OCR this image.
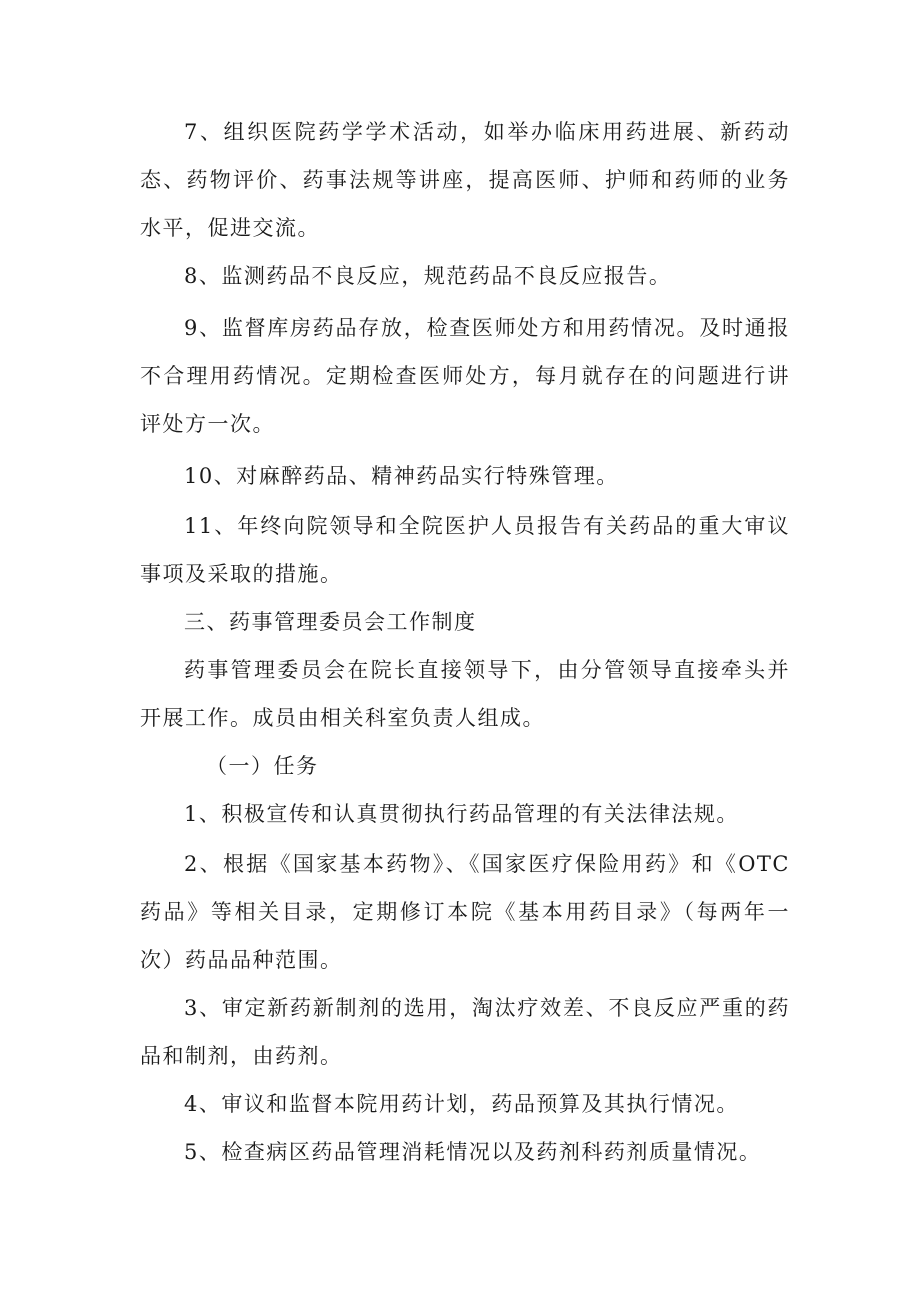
7、组织医院药学学术活动，如举办临床用药进展、新药动态、药物评价、药事法规等讲座，提高医师、护师和药师的业务水平，促进交流。

8、监测药品不良反应，规范药品不良反应报告。

9、监督库房药品存放，检查医师处方和用药情况。及时通报不合理用药情况。定期检查医师处方，每月就存在的问题进行讲评处方一次。

10、对麻醉药品、精神药品实行特殊管理。

11、年终向院领导和全院医护人员报告有关药品的重大审议事项及采取的措施。

三、药事管理委员会工作制度

药事管理委员会在院长直接领导下，由分管领导直接牵头并开展工作。成员由相关科室负责人组成。

（一）任务

1、积极宣传和认真贯彻执行药品管理的有关法律法规。

2、根据《国家基本药物》、《国家医疗保险用药》和《OTC药品》等相关目录，定期修订本院《基本用药目录》（每两年一次）药品品种范围。

3、审定新药新制剂的选用，淘汰疗效差、不良反应严重的药品和制剂，由药剂。

4、审议和监督本院用药计划，药品预算及其执行情况。

5、检查病区药品管理消耗情况以及药剂科药剂质量情况。
